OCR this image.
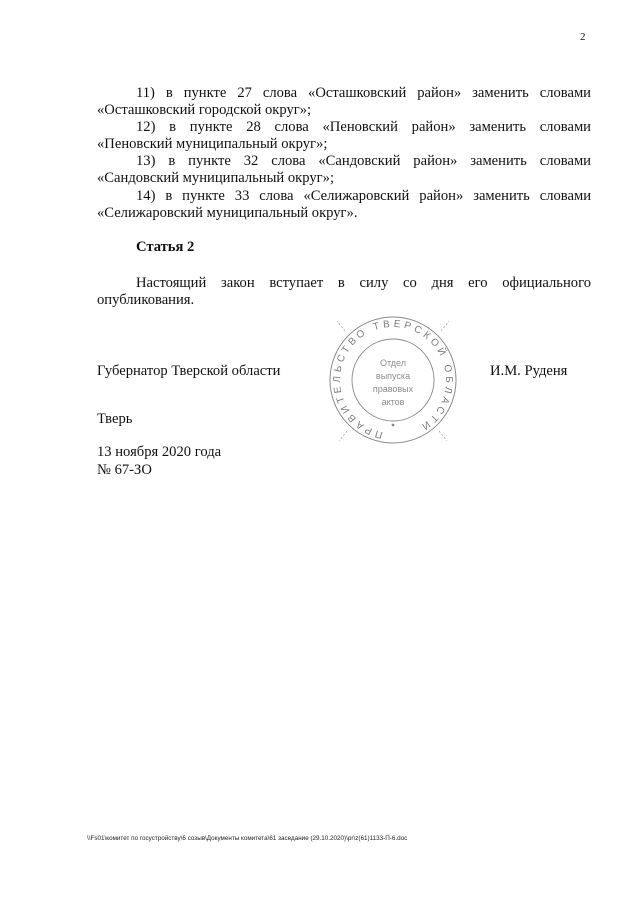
2

11) в пункте 27 слова «Осташковский район» заменить словами
«Осташковский городской округ»;

12) в пункте 28 слова «Пеновский район» заменить словами
«Пеновский муниципальный округ»;

13) в пункте 32 слова «Сандовский район» заменить словами
«Сандовский муниципальный округ»;

14) в пункте 33 слова «Селижаровский район» заменить словами
«Селижаровский муниципальный округ».

Статья 2

Настоящий закон вступает в силу со дня его официального
опубликования.

Губернатор Тверской области	И.М. Руденя
ПРАВИТЕЛЬСТВО ТВЕРСКОЙ ОБЛАСТИ
Отдел
выпуска
правовых
актов
Тверь
13 ноября 2020 года
№ 67-ЗО
\\Fs01\комитет по госустройству\6 созыв\Документы комитета\61 заседание (29.10.2020)\pr\z(61)1133-П-6.doc
